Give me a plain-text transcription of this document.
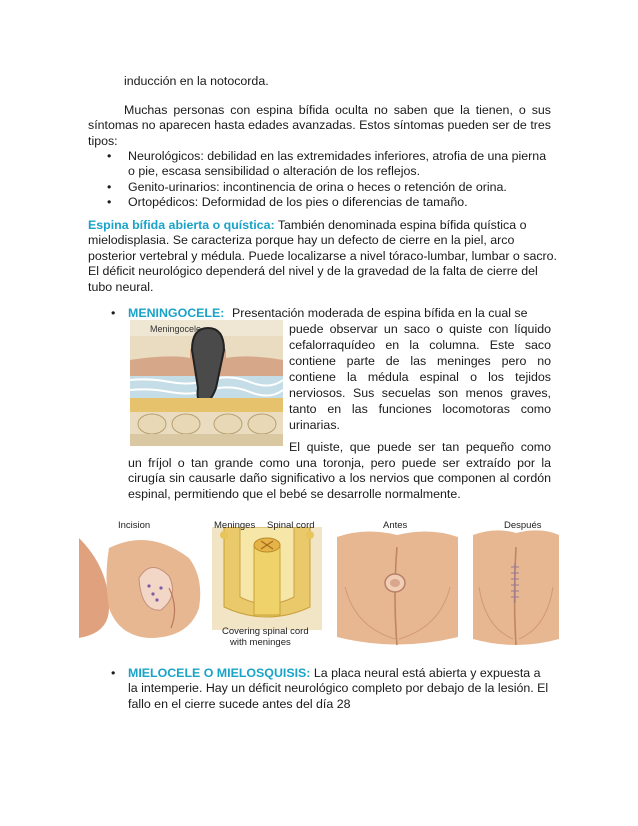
inducción en la notocorda.

Muchas personas con espina bífida oculta no saben que la tienen, o sus síntomas no aparecen hasta edades avanzadas. Estos síntomas pueden ser de tres tipos:

• Neurológicos: debilidad en las extremidades inferiores, atrofia de una pierna o pie, escasa sensibilidad o alteración de los reflejos.
• Genito-urinarios: incontinencia de orina o heces o retención de orina.
• Ortopédicos: Deformidad de los pies o diferencias de tamaño.

Espina bífida abierta o quística: También denominada espina bífida quística o mielodisplasia. Se caracteriza porque hay un defecto de cierre en la piel, arco posterior vertebral y médula. Puede localizarse a nivel tóraco-lumbar, lumbar o sacro. El déficit neurológico dependerá del nivel y de la gravedad de la falta de cierre del tubo neural.

• MENINGOCELE: Presentación moderada de espina bífida en la cual se
puede observar un saco o quiste con líquido
cefalorraquídeo en la columna. Este saco
contiene parte de las meninges pero no
contiene la médula espinal o los tejidos
nerviosos. Sus secuelas son menos graves,
tanto en las funciones locomotoras como
urinarias.
El quiste, que puede ser tan pequeño como
un fríjol o tan grande como una toronja, pero puede ser extraído por la cirugía sin causarle daño significativo a los nervios que componen al cordón espinal, permitiendo que el bebé se desarrolle normalmente.
Meningocele
Incision	Meninges Spinal cord
Covering spinal cord
with meninges
Antes	Después
• MIELOCELE O MIELOSQUISIS: La placa neural está abierta y expuesta a la intemperie. Hay un déficit neurológico completo por debajo de la lesión. El fallo en el cierre sucede antes del día 28
